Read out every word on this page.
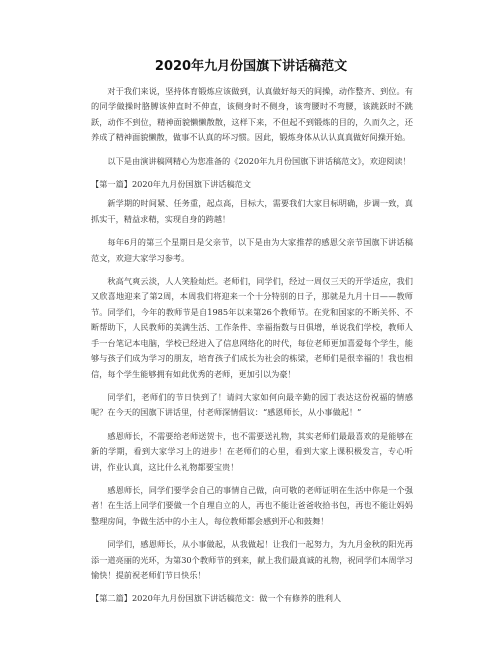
2020年九月份国旗下讲话稿范文

对于我们来说，坚持体育锻炼应该做到，认真做好每天的间操，动作整齐、到位。有的同学做操时胳膊该伸直时不伸直，该侧身时不侧身，该弯腰时不弯腰，该跳跃时不跳跃，动作不到位，精神面貌懒懒散散，这样下来，不但起不到锻炼的目的，久而久之，还养成了精神面貌懒散，做事不认真的坏习惯。因此，锻炼身体从认认真真做好间操开始。

以下是由演讲稿网精心为您准备的《2020年九月份国旗下讲话稿范文》，欢迎阅读！

【第一篇】2020年九月份国旗下讲话稿范文

新学期的时间紧、任务重，起点高，目标大，需要我们大家目标明确，步调一致，真抓实干，精益求精，实现自身的跨越！

每年6月的第三个星期日是父亲节，以下是由为大家推荐的感恩父亲节国旗下讲话稿范文，欢迎大家学习参考。

秋高气爽云淡，人人笑脸灿烂。老师们，同学们，经过一周仅三天的开学适应，我们又欣喜地迎来了第2周，本周我们将迎来一个十分特别的日子，那就是九月十日——教师节。同学们，今年的教师节是自1985年以来第26个教师节。在党和国家的不断关怀、不断帮助下，人民教师的美满生活、工作条件、幸福指数与日俱增，单说我们学校，教师人手一台笔记本电脑，学校已经进入了信息网络化的时代，每位老师更加喜爱每个学生，能够与孩子们成为学习的朋友，培育孩子们成长为社会的栋梁，老师们是很幸福的！我也相信，每个学生能够拥有如此优秀的老师，更加引以为豪！

同学们，老师们的节日快到了！请问大家如何向最辛勤的园丁表达这份祝福的情感呢？在今天的国旗下讲话里，付老师深情倡议：“感恩师长，从小事做起！”

感恩师长，不需要给老师送贺卡，也不需要送礼物，其实老师们最最喜欢的是能够在新的学期，看到大家学习上的进步！在老师们的心里，看到大家上课积极发言，专心听讲，作业认真，这比什么礼物都要宝贵！

感恩师长，同学们要学会自己的事情自己做，向可敬的老师证明在生活中你是一个强者！在生活上同学们要做一个自理自立的人，再也不能让爸爸收拾书包，再也不能让妈妈整理房间，争做生活中的小主人，每位教师都会感到开心和鼓舞！

同学们，感恩师长，从小事做起，从我做起！让我们一起努力，为九月金秋的阳光再添一道亮丽的光环，为第30个教师节的到来，献上我们最真诚的礼物，祝同学们本周学习愉快！提前祝老师们节日快乐！

【第二篇】2020年九月份国旗下讲话稿范文：做一个有修养的胜利人
